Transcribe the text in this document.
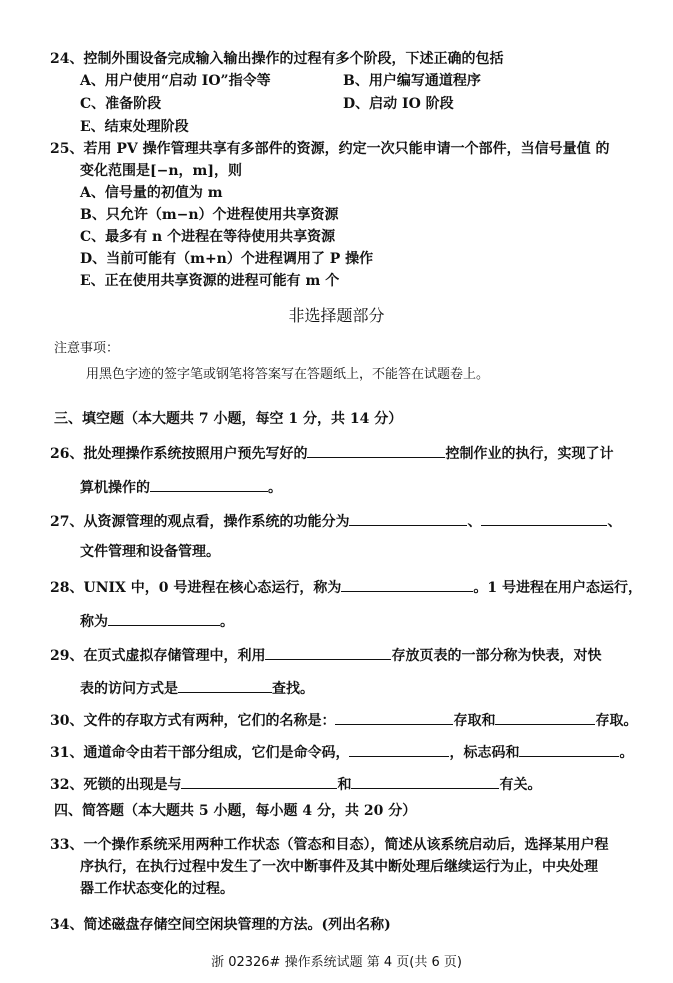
24、控制外围设备完成输入输出操作的过程有多个阶段，下述正确的包括
A、用户使用“启动 IO”指令等	B、用户编写通道程序
C、准备阶段	D、启动 IO 阶段
E、结束处理阶段
25、若用 PV 操作管理共享有多部件的资源，约定一次只能申请一个部件，当信号量值 的
变化范围是[−n，m]，则
A、信号量的初值为 m
B、只允许（m−n）个进程使用共享资源
C、最多有 n 个进程在等待使用共享资源
D、当前可能有（m+n）个进程调用了 P 操作
E、正在使用共享资源的进程可能有 m 个
非选择题部分
注意事项：
用黑色字迹的签字笔或钢笔将答案写在答题纸上，不能答在试题卷上。
三、填空题（本大题共 7 小题，每空 1 分，共 14 分）
26、批处理操作系统按照用户预先写好的	控制作业的执行，实现了计
算机操作的	。
27、从资源管理的观点看，操作系统的功能分为	、	、
文件管理和设备管理。
28、UNIX 中，0 号进程在核心态运行，称为	。1 号进程在用户态运行，
称为	。
29、在页式虚拟存储管理中，利用	存放页表的一部分称为快表，对快
表的访问方式是	查找。
30、文件的存取方式有两种，它们的名称是：	存取和	存取。
31、通道命令由若干部分组成，它们是命令码，	，标志码和	。
32、死锁的出现是与	和	有关。
四、简答题（本大题共 5 小题，每小题 4 分，共 20 分）
33、一个操作系统采用两种工作状态（管态和目态），简述从该系统启动后，选择某用户程
序执行，在执行过程中发生了一次中断事件及其中断处理后继续运行为止，中央处理
器工作状态变化的过程。
34、简述磁盘存储空间空闲块管理的方法。(列出名称)
浙 02326# 操作系统试题 第 4 页(共 6 页)
